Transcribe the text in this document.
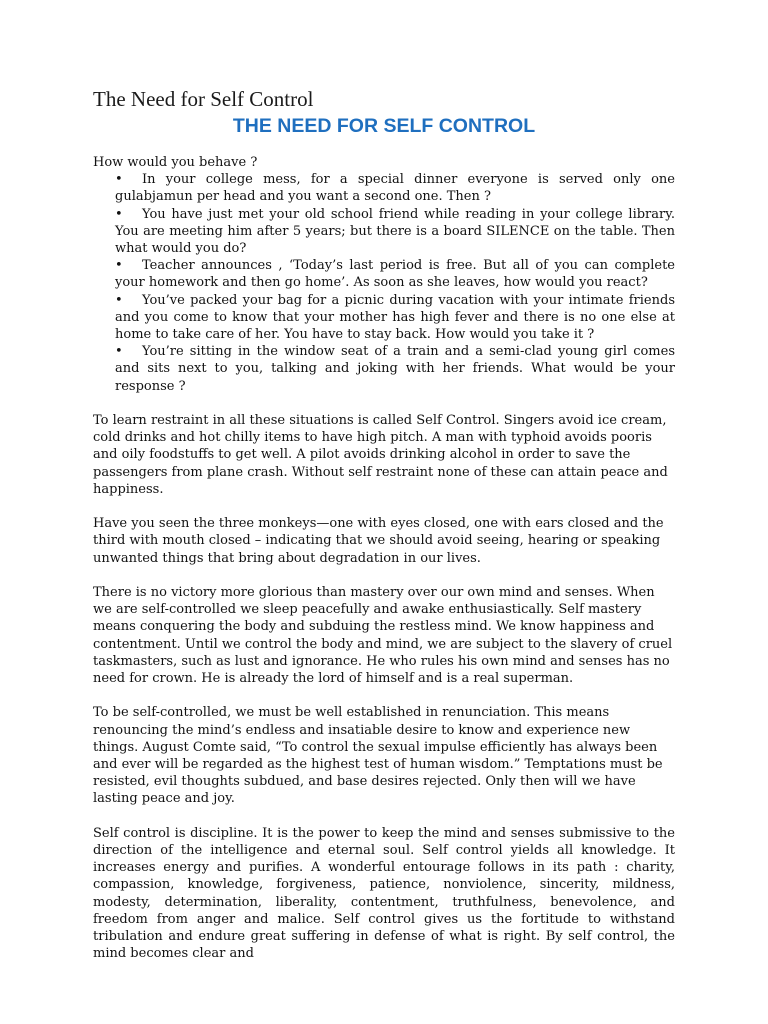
The Need for Self Control
THE NEED FOR SELF CONTROL

How would you behave ?

• In your college mess, for a special dinner everyone is served only one gulabjamun per head and you want a second one. Then ?
• You have just met your old school friend while reading in your college library. You are meeting him after 5 years; but there is a board SILENCE on the table. Then what would you do?
• Teacher announces , ‘Today’s last period is free. But all of you can complete your homework and then go home’. As soon as she leaves, how would you react?
• You’ve packed your bag for a picnic during vacation with your intimate friends and you come to know that your mother has high fever and there is no one else at home to take care of her. You have to stay back. How would you take it ?
• You’re sitting in the window seat of a train and a semi-clad young girl comes and sits next to you, talking and joking with her friends. What would be your response ?

To learn restraint in all these situations is called Self Control. Singers avoid ice cream, cold drinks and hot chilly items to have high pitch. A man with typhoid avoids pooris and oily foodstuffs to get well. A pilot avoids drinking alcohol in order to save the passengers from plane crash. Without self restraint none of these can attain peace and happiness.

Have you seen the three monkeys—one with eyes closed, one with ears closed and the third with mouth closed – indicating that we should avoid seeing, hearing or speaking unwanted things that bring about degradation in our lives.

There is no victory more glorious than mastery over our own mind and senses. When we are self-controlled we sleep peacefully and awake enthusiastically. Self mastery means conquering the body and subduing the restless mind. We know happiness and contentment. Until we control the body and mind, we are subject to the slavery of cruel taskmasters, such as lust and ignorance. He who rules his own mind and senses has no need for crown. He is already the lord of himself and is a real superman.

To be self-controlled, we must be well established in renunciation. This means renouncing the mind’s endless and insatiable desire to know and experience new things. August Comte said, “To control the sexual impulse efficiently has always been and ever will be regarded as the highest test of human wisdom.” Temptations must be resisted, evil thoughts subdued, and base desires rejected. Only then will we have lasting peace and joy.

Self control is discipline. It is the power to keep the mind and senses submissive to the direction of the intelligence and eternal soul. Self control yields all knowledge. It increases energy and purifies. A wonderful entourage follows in its path : charity, compassion, knowledge, forgiveness, patience, nonviolence, sincerity, mildness, modesty, determination, liberality, contentment, truthfulness, benevolence, and freedom from anger and malice. Self control gives us the fortitude to withstand tribulation and endure great suffering in defense of what is right. By self control, the mind becomes clear and
